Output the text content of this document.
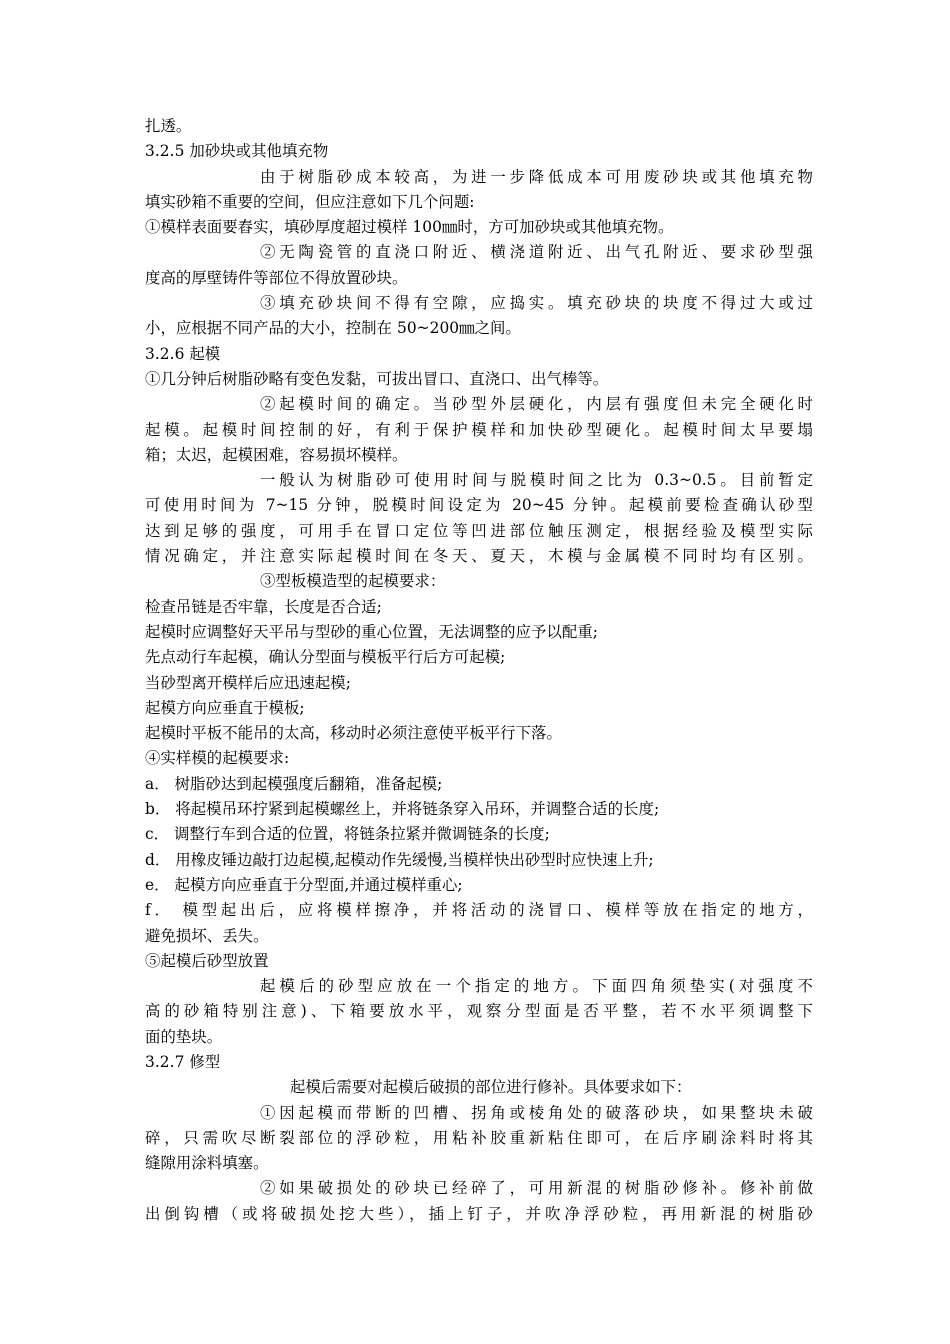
扎透。
3.2.5 加砂块或其他填充物
由于树脂砂成本较高，为进一步降低成本可用废砂块或其他填充物
填实砂箱不重要的空间，但应注意如下几个问题:
①模样表面要舂实，填砂厚度超过模样 100㎜时，方可加砂块或其他填充物。
②无陶瓷管的直浇口附近、横浇道附近、出气孔附近、要求砂型强
度高的厚壁铸件等部位不得放置砂块。
③填充砂块间不得有空隙，应捣实。填充砂块的块度不得过大或过
小，应根据不同产品的大小，控制在 50~200㎜之间。
3.2.6 起模
①几分钟后树脂砂略有变色发黏，可拔出冒口、直浇口、出气棒等。
②起模时间的确定。当砂型外层硬化，内层有强度但未完全硬化时
起模。起模时间控制的好，有利于保护模样和加快砂型硬化。起模时间太早要塌
箱；太迟，起模困难，容易损坏模样。
一般认为树脂砂可使用时间与脱模时间之比为 0.3~0.5。目前暂定
可使用时间为 7~15 分钟，脱模时间设定为 20~45 分钟。起模前要检查确认砂型
达到足够的强度，可用手在冒口定位等凹进部位触压测定，根据经验及模型实际
情况确定，并注意实际起模时间在冬天、夏天，木模与金属模不同时均有区别。
③型板模造型的起模要求：
检查吊链是否牢靠，长度是否合适;
起模时应调整好天平吊与型砂的重心位置，无法调整的应予以配重;
先点动行车起模，确认分型面与模板平行后方可起模;
当砂型离开模样后应迅速起模;
起模方向应垂直于模板;
起模时平板不能吊的太高，移动时必须注意使平板平行下落。
④实样模的起模要求:
a． 树脂砂达到起模强度后翻箱，准备起模;
b． 将起模吊环拧紧到起模螺丝上，并将链条穿入吊环，并调整合适的长度;
c． 调整行车到合适的位置，将链条拉紧并微调链条的长度;
d． 用橡皮锤边敲打边起模,起模动作先缓慢,当模样快出砂型时应快速上升;
e． 起模方向应垂直于分型面,并通过模样重心;
f． 模型起出后，应将模样擦净，并将活动的浇冒口、模样等放在指定的地方，
避免损坏、丢失。
⑤起模后砂型放置
起模后的砂型应放在一个指定的地方。下面四角须垫实(对强度不
高的砂箱特别注意)、下箱要放水平，观察分型面是否平整，若不水平须调整下
面的垫块。
3.2.7 修型
起模后需要对起模后破损的部位进行修补。具体要求如下：
①因起模而带断的凹槽、拐角或棱角处的破落砂块，如果整块未破
碎，只需吹尽断裂部位的浮砂粒，用粘补胶重新粘住即可，在后序刷涂料时将其
缝隙用涂料填塞。
②如果破损处的砂块已经碎了，可用新混的树脂砂修补。修补前做
出倒钩槽（或将破损处挖大些），插上钉子，并吹净浮砂粒，再用新混的树脂砂
